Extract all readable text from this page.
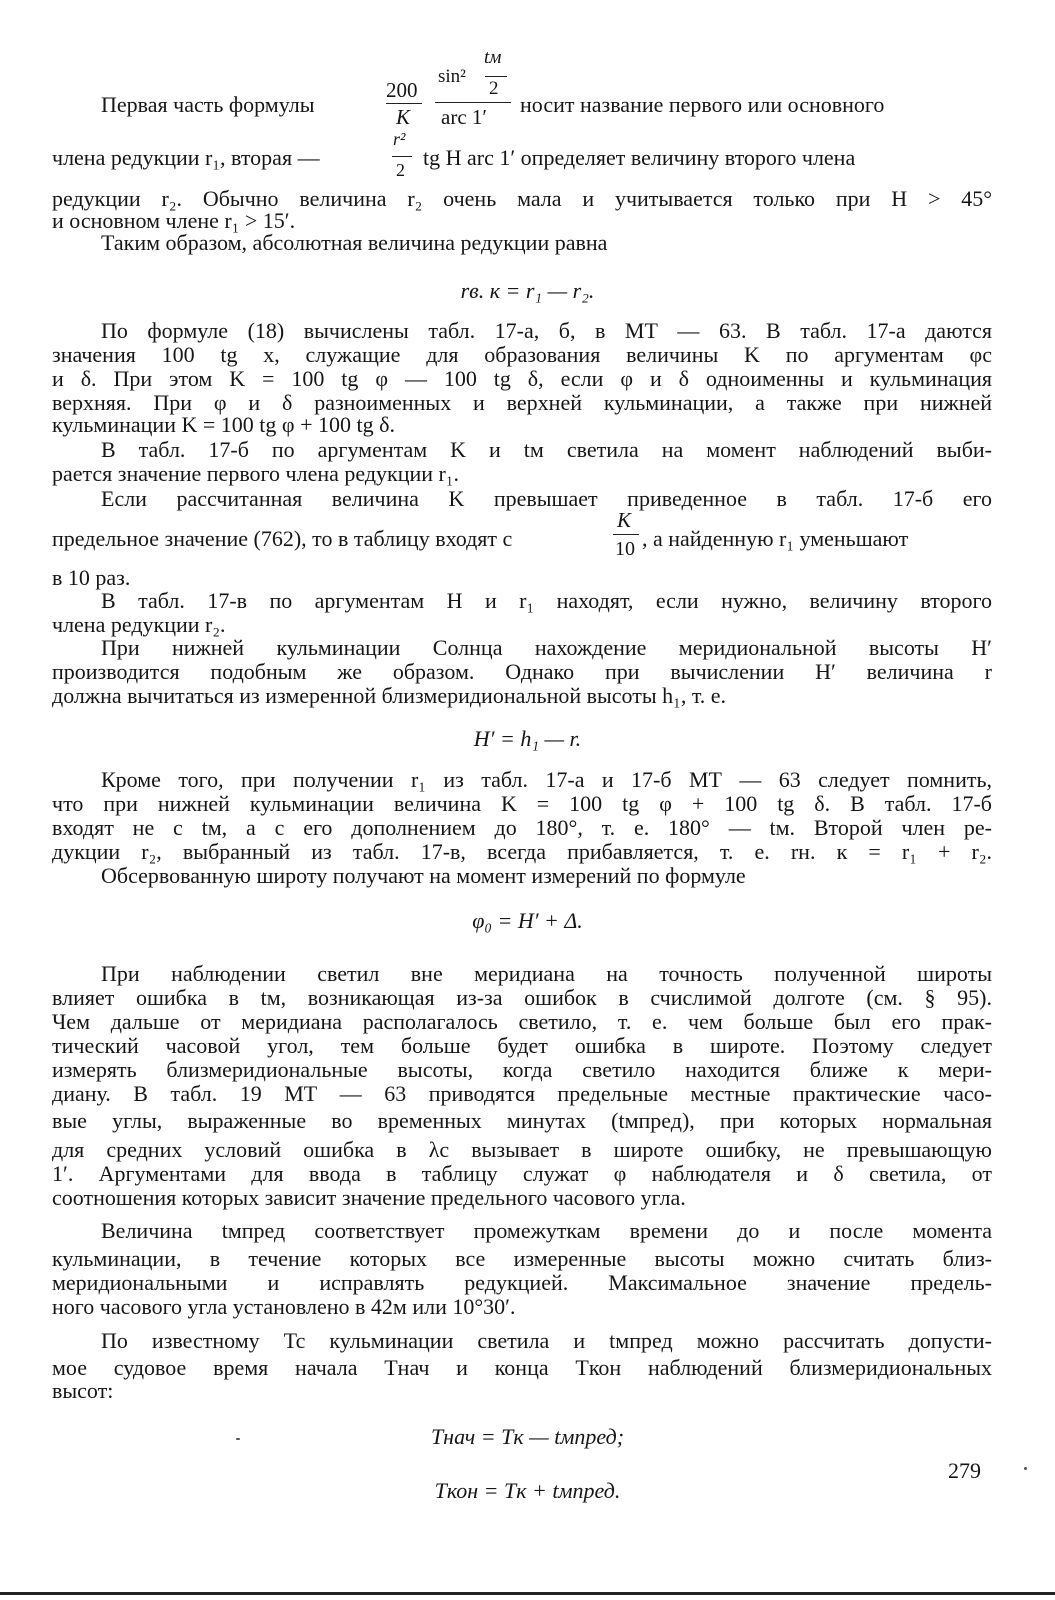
tм
sin²
2
200
K arc 1′
Первая часть формулы	носит название первого или основного
r²
2
члена редукции r₁, вторая —	tg H arc 1′ определяет величину второго члена
редукции r₂. Обычно величина r₂ очень мала и учитывается только при H > 45°
и основном члене r₁ > 15′.
Таким образом, абсолютная величина редукции равна
rв. к = r₁ — r₂.
По формуле (18) вычислены табл. 17-а, б, в МТ — 63. В табл. 17-а даются
значения 100 tg x, служащие для образования величины K по аргументам φc
и δ. При этом K = 100 tg φ — 100 tg δ, если φ и δ одноименны и кульминация
верхняя. При φ и δ разноименных и верхней кульминации, а также при нижней
кульминации K = 100 tg φ + 100 tg δ.
В табл. 17-б по аргументам K и tм светила на момент наблюдений выби-
рается значение первого члена редукции r₁.
Если рассчитанная величина K превышает приведенное в табл. 17-б его
K
10
предельное значение (762), то в таблицу входят с	, а найденную r₁ уменьшают
в 10 раз.
В табл. 17-в по аргументам H и r₁ находят, если нужно, величину второго
члена редукции r₂.
При нижней кульминации Солнца нахождение меридиональной высоты H′
производится подобным же образом. Однако при вычислении H′ величина r
должна вычитаться из измеренной близмеридиональной высоты h₁, т. е.
H′ = h₁ — r.
Кроме того, при получении r₁ из табл. 17-а и 17-б МТ — 63 следует помнить,
что при нижней кульминации величина K = 100 tg φ + 100 tg δ. В табл. 17-б
входят не с tм, а с его дополнением до 180°, т. е. 180° — tм. Второй член ре-
дукции r₂, выбранный из табл. 17-в, всегда прибавляется, т. е. rн. к = r₁ + r₂.
Обсервованную широту получают на момент измерений по формуле
φ₀ = H′ + Δ.
При наблюдении светил вне меридиана на точность полученной широты
влияет ошибка в tм, возникающая из-за ошибок в счислимой долготе (см. § 95).
Чем дальше от меридиана располагалось светило, т. е. чем больше был его прак-
тический часовой угол, тем больше будет ошибка в широте. Поэтому следует
измерять близмеридиональные высоты, когда светило находится ближе к мери-
диану. В табл. 19 МТ — 63 приводятся предельные местные практические часо-
вые углы, выраженные во временных минутах (tмпред), при которых нормальная
для средних условий ошибка в λc вызывает в широте ошибку, не превышающую
1′. Аргументами для ввода в таблицу служат φ наблюдателя и δ светила, от
соотношения которых зависит значение предельного часового угла.
Величина tмпред соответствует промежуткам времени до и после момента
кульминации, в течение которых все измеренные высоты можно считать близ-
меридиональными и исправлять редукцией. Максимальное значение предель-
ного часового угла установлено в 42м или 10°30′.
По известному Tc кульминации светила и tмпред можно рассчитать допусти-
мое судовое время начала Tнач и конца Tкон наблюдений близмеридиональных
высот:
Tнач = Tк — tмпред;
Tкон = Tк + tмпред.
279
